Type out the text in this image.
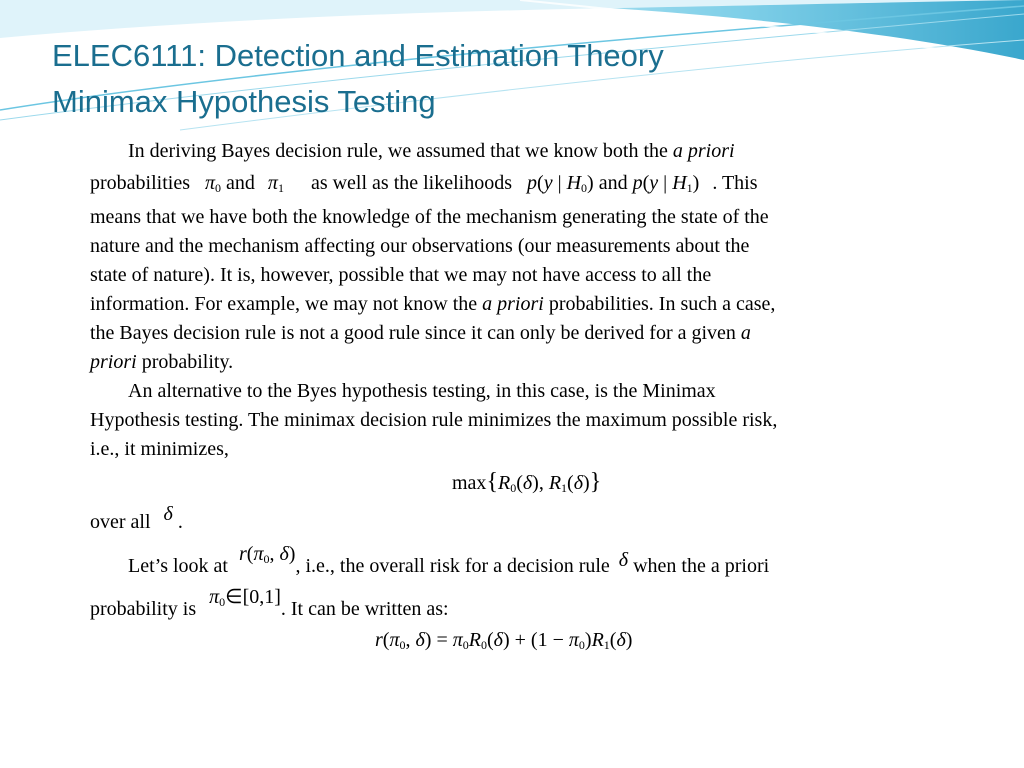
ELEC6111: Detection and Estimation Theory
Minimax Hypothesis Testing
In deriving Bayes decision rule, we assumed that we know both the a priori
probabilities $\pi_0$ and $\pi_1$ as well as the likelihoods p(y | $H_0$) and p(y | $H_1$) . This
means that we have both the knowledge of the mechanism generating the state of the
nature and the mechanism affecting our observations (our measurements about the
state of nature). It is, however, possible that we may not have access to all the
information. For example, we may not know the a priori probabilities. In such a case,
the Bayes decision rule is not a good rule since it can only be derived for a given a
priori probability.
An alternative to the Byes hypothesis testing, in this case, is the Minimax
Hypothesis testing. The minimax decision rule minimizes the maximum possible risk,
i.e., it minimizes,
$\max\{R_0(\delta)$, $R_1(\delta)$}
over all δ .
Let’s look at $r(\pi_0$, δ), i.e., the overall risk for a decision rule δ when the a priori
probability is $\pi_0\in[0,1]$. It can be written as:
$r(\pi_0$, $\delta) = \pi_0R_0(\delta) + (1 - \pi_0)R_1(\delta)$
